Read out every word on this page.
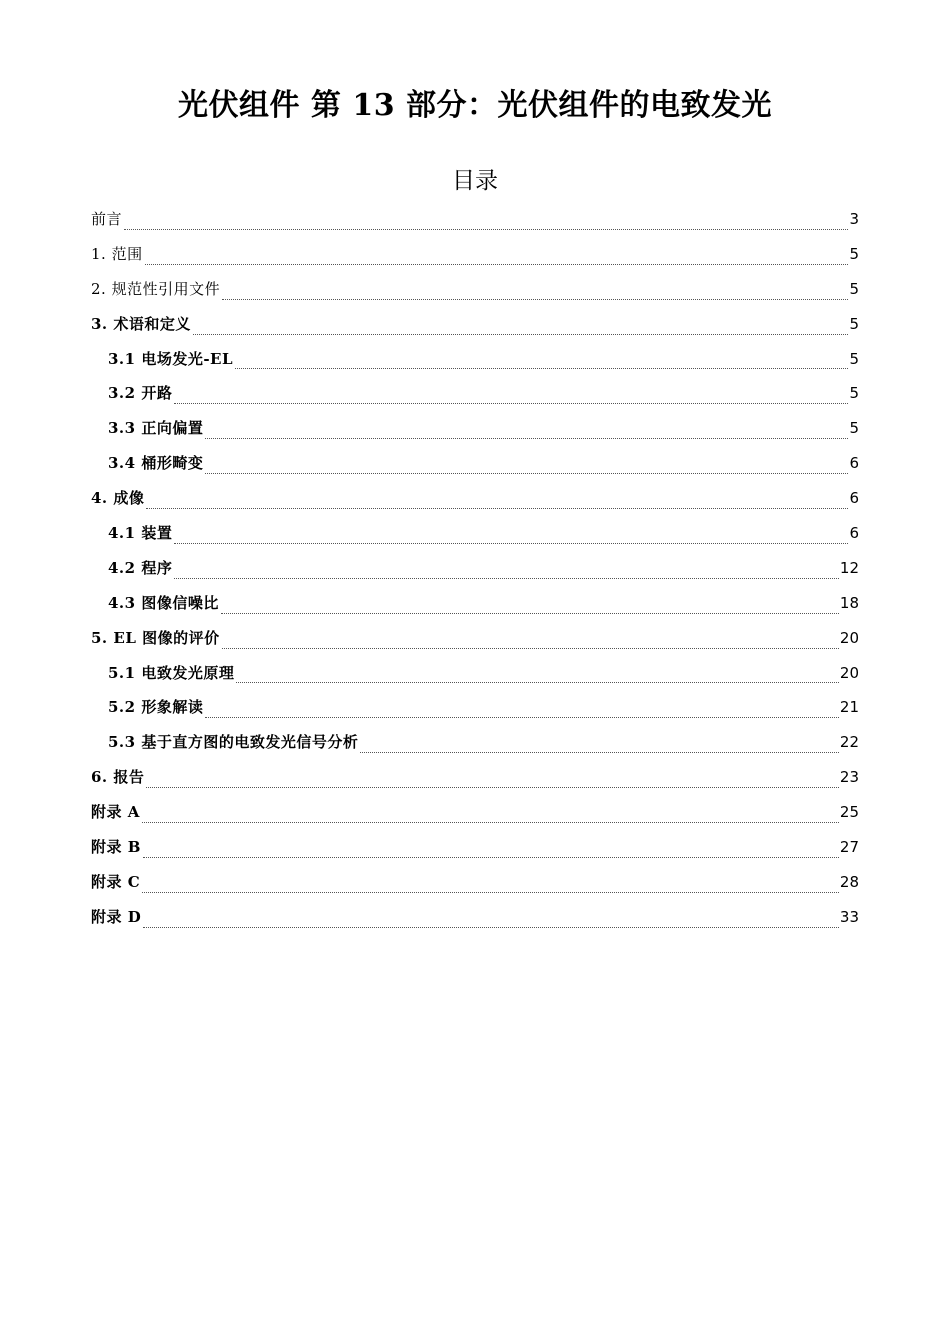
光伏组件 第 13 部分：光伏组件的电致发光
目录
前言	3
1. 范围	5
2. 规范性引用文件	5
3. 术语和定义	5
3.1 电场发光-EL	5
3.2 开路	5
3.3 正向偏置	5
3.4 桶形畸变	6
4. 成像	6
4.1 装置	6
4.2 程序	12
4.3 图像信噪比	18
5. EL 图像的评价	20
5.1 电致发光原理	20
5.2 形象解读	21
5.3 基于直方图的电致发光信号分析	22
6. 报告	23
附录 A	25
附录 B	27
附录 C	28
附录 D	33
